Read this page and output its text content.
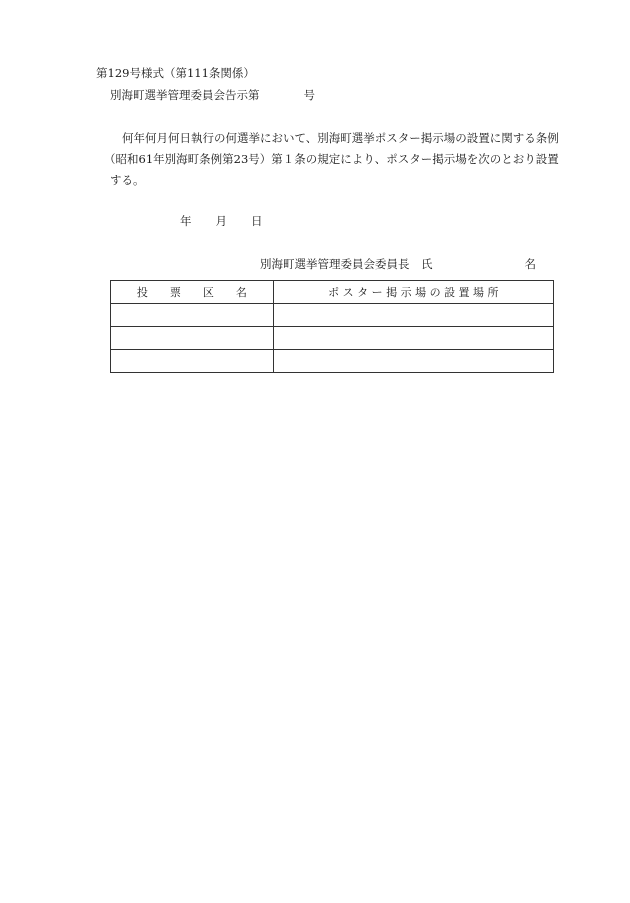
第129号様式（第111条関係）
別海町選挙管理委員会告示第	号
何年何月何日執行の何選挙において、別海町選挙ポスター掲示場の設置に関する条例
（昭和61年別海町条例第23号）第１条の規定により、ポスター掲示場を次のとおり設置
する。
年 月 日
別海町選挙管理委員会委員長　氏	名
投　　票　　区　　名	ポ ス タ ー 掲 示 場 の 設 置 場 所
